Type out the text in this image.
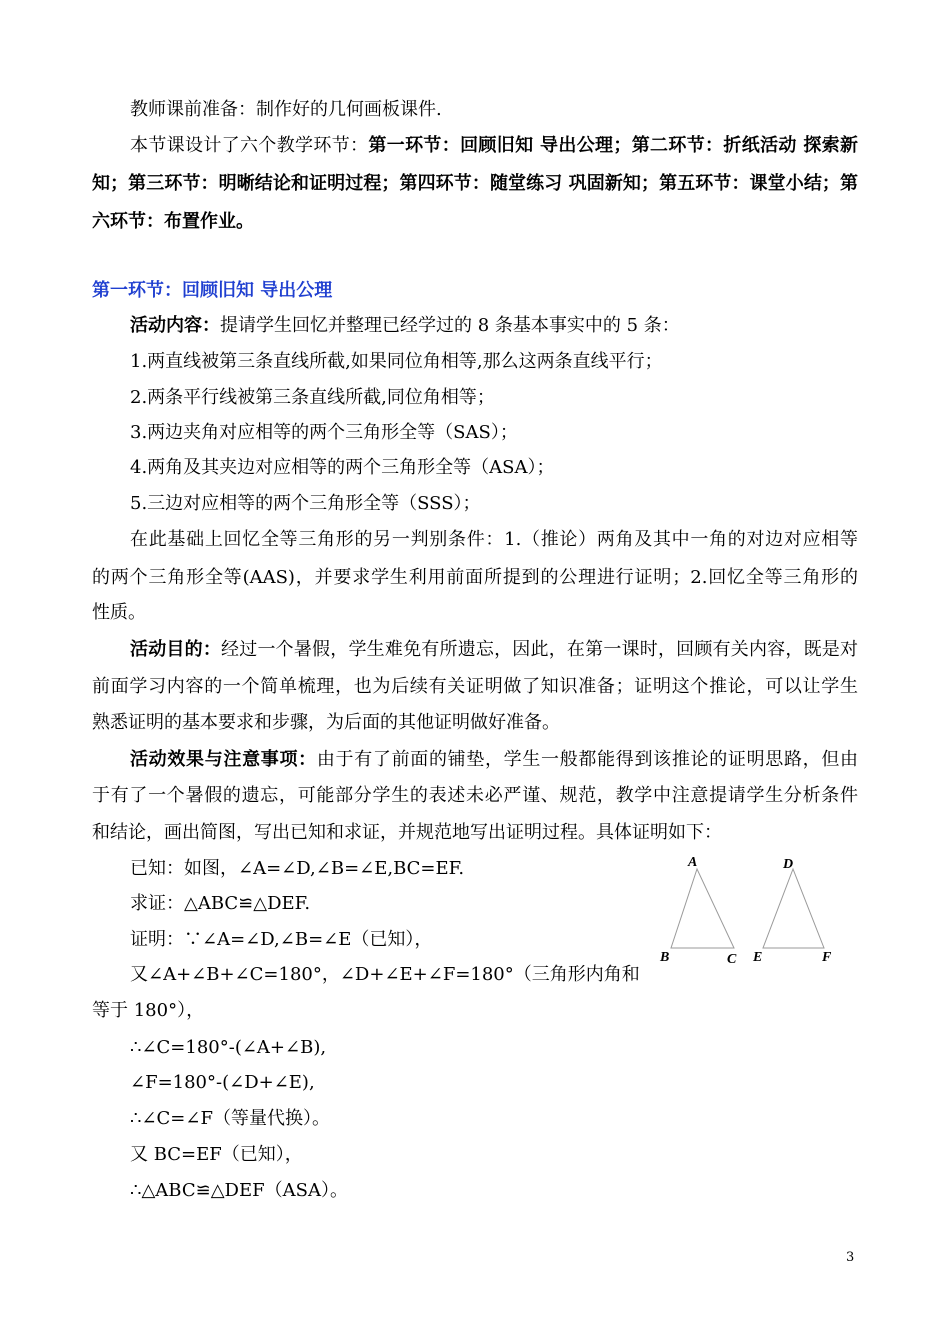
教师课前准备：制作好的几何画板课件.
本节课设计了六个教学环节：第一环节：回顾旧知 导出公理；第二环节：折纸活动 探索新
知；第三环节：明晰结论和证明过程；第四环节：随堂练习 巩固新知；第五环节：课堂小结；第
六环节：布置作业。
第一环节：回顾旧知 导出公理
活动内容：提请学生回忆并整理已经学过的 8 条基本事实中的 5 条：
1.两直线被第三条直线所截,如果同位角相等,那么这两条直线平行；
2.两条平行线被第三条直线所截,同位角相等；
3.两边夹角对应相等的两个三角形全等（SAS）；
4.两角及其夹边对应相等的两个三角形全等（ASA）；
5.三边对应相等的两个三角形全等（SSS）；
在此基础上回忆全等三角形的另一判别条件：1.（推论）两角及其中一角的对边对应相等
的两个三角形全等(AAS)，并要求学生利用前面所提到的公理进行证明；2.回忆全等三角形的
性质。
活动目的：经过一个暑假，学生难免有所遗忘，因此，在第一课时，回顾有关内容，既是对
前面学习内容的一个简单梳理，也为后续有关证明做了知识准备；证明这个推论，可以让学生
熟悉证明的基本要求和步骤，为后面的其他证明做好准备。
活动效果与注意事项：由于有了前面的铺垫，学生一般都能得到该推论的证明思路，但由
于有了一个暑假的遗忘，可能部分学生的表述未必严谨、规范，教学中注意提请学生分析条件
和结论，画出简图，写出已知和求证，并规范地写出证明过程。具体证明如下：
已知：如图，∠A=∠D,∠B=∠E,BC=EF.
求证：△ABC≌△DEF.
证明：∵∠A=∠D,∠B=∠E（已知），
又∠A+∠B+∠C=180°，∠D+∠E+∠F=180°（三角形内角和
等于 180°），
∴∠C=180°-(∠A+∠B),
∠F=180°-(∠D+∠E),
∴∠C=∠F（等量代换）。
又 BC=EF（已知），
∴△ABC≌△DEF（ASA）。
A
B	C
D
E	F
3
